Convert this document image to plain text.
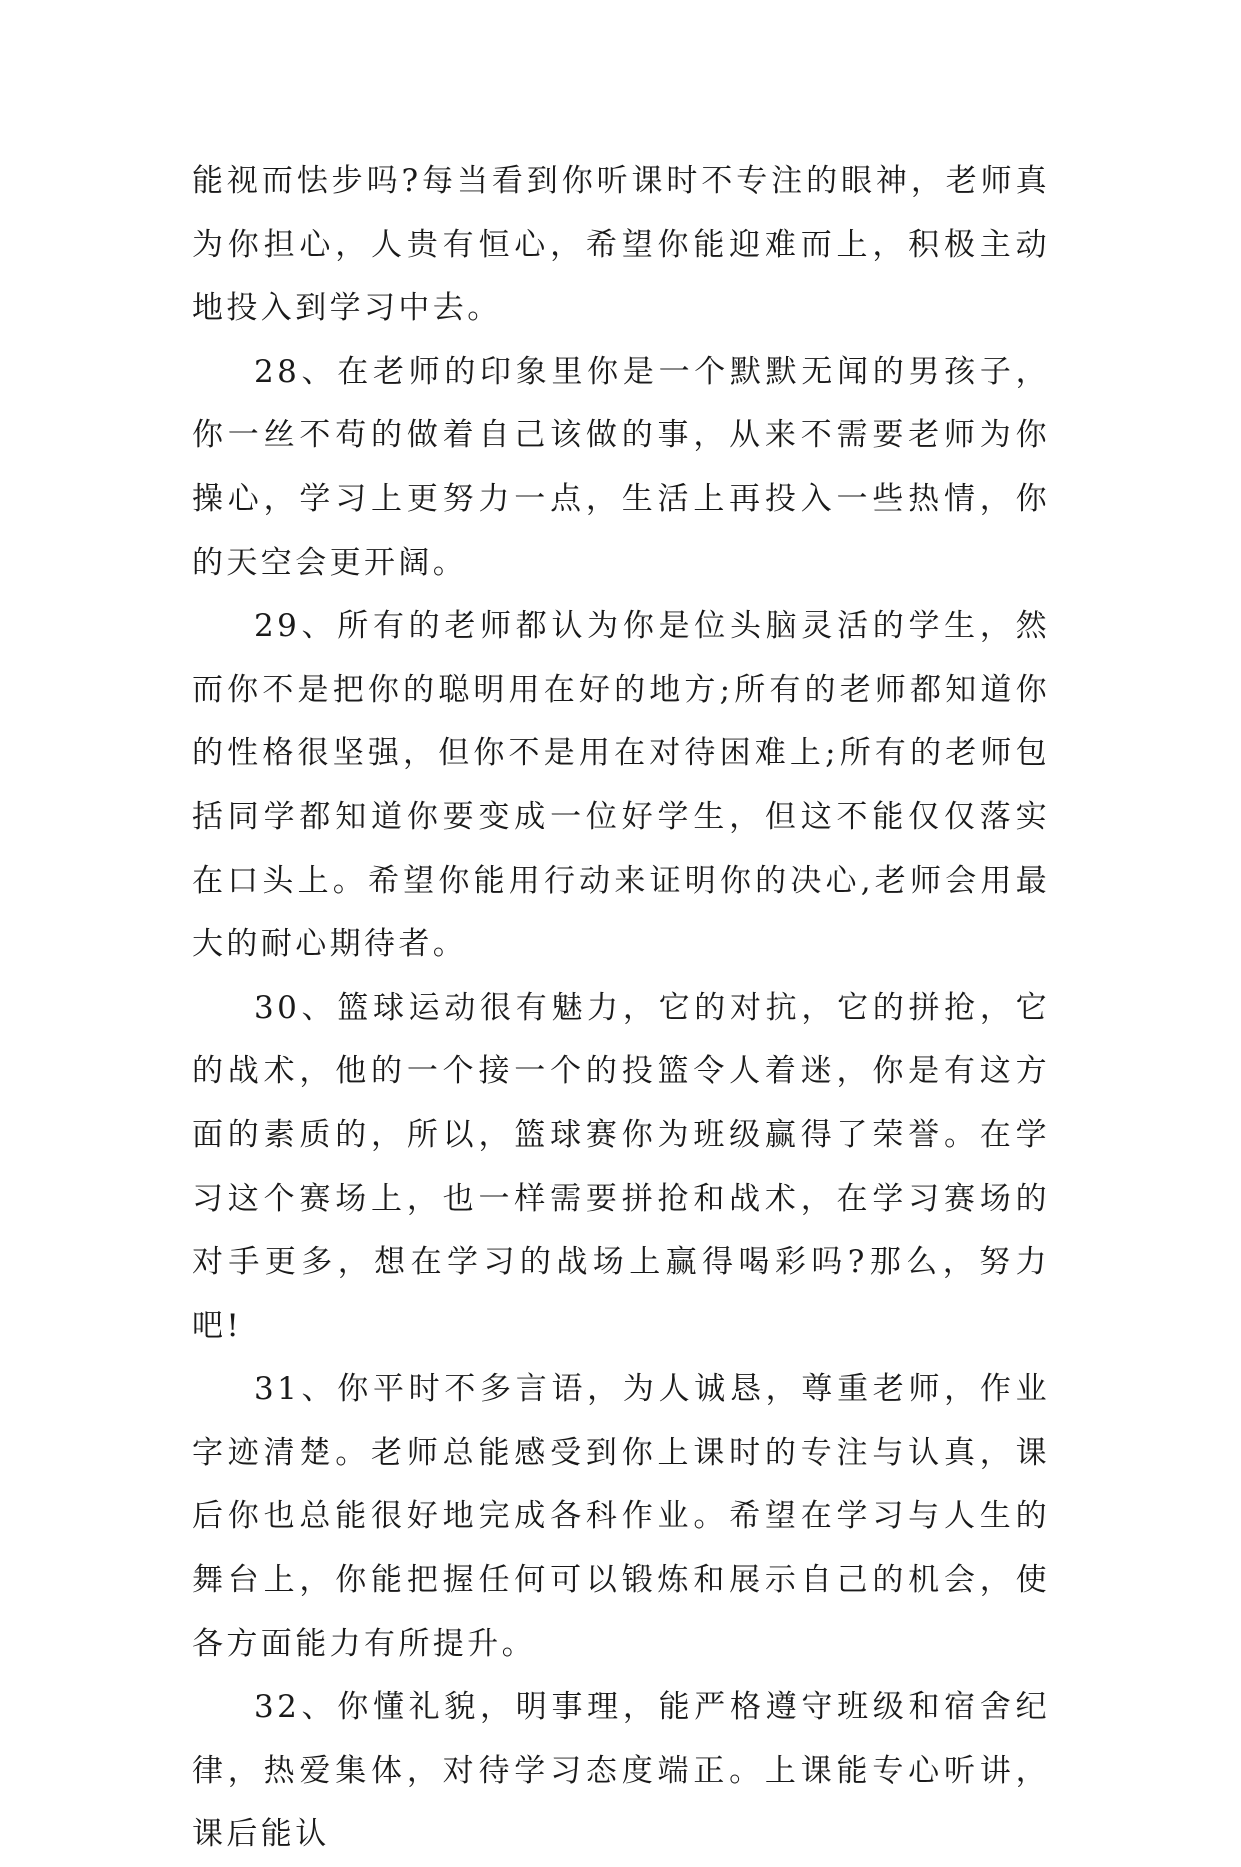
能视而怯步吗?每当看到你听课时不专注的眼神，老师真为你担心，人贵有恒心，希望你能迎难而上，积极主动地投入到学习中去。

28、在老师的印象里你是一个默默无闻的男孩子，你一丝不苟的做着自己该做的事，从来不需要老师为你操心，学习上更努力一点，生活上再投入一些热情，你的天空会更开阔。

29、所有的老师都认为你是位头脑灵活的学生，然而你不是把你的聪明用在好的地方;所有的老师都知道你的性格很坚强，但你不是用在对待困难上;所有的老师包括同学都知道你要变成一位好学生，但这不能仅仅落实在口头上。希望你能用行动来证明你的决心,老师会用最大的耐心期待者。

30、篮球运动很有魅力，它的对抗，它的拼抢，它的战术，他的一个接一个的投篮令人着迷，你是有这方面的素质的，所以，篮球赛你为班级赢得了荣誉。在学习这个赛场上，也一样需要拼抢和战术，在学习赛场的对手更多，想在学习的战场上赢得喝彩吗?那么，努力吧!

31、你平时不多言语，为人诚恳，尊重老师，作业字迹清楚。老师总能感受到你上课时的专注与认真，课后你也总能很好地完成各科作业。希望在学习与人生的舞台上，你能把握任何可以锻炼和展示自己的机会，使各方面能力有所提升。

32、你懂礼貌，明事理，能严格遵守班级和宿舍纪律，热爱集体，对待学习态度端正。上课能专心听讲，课后能认
